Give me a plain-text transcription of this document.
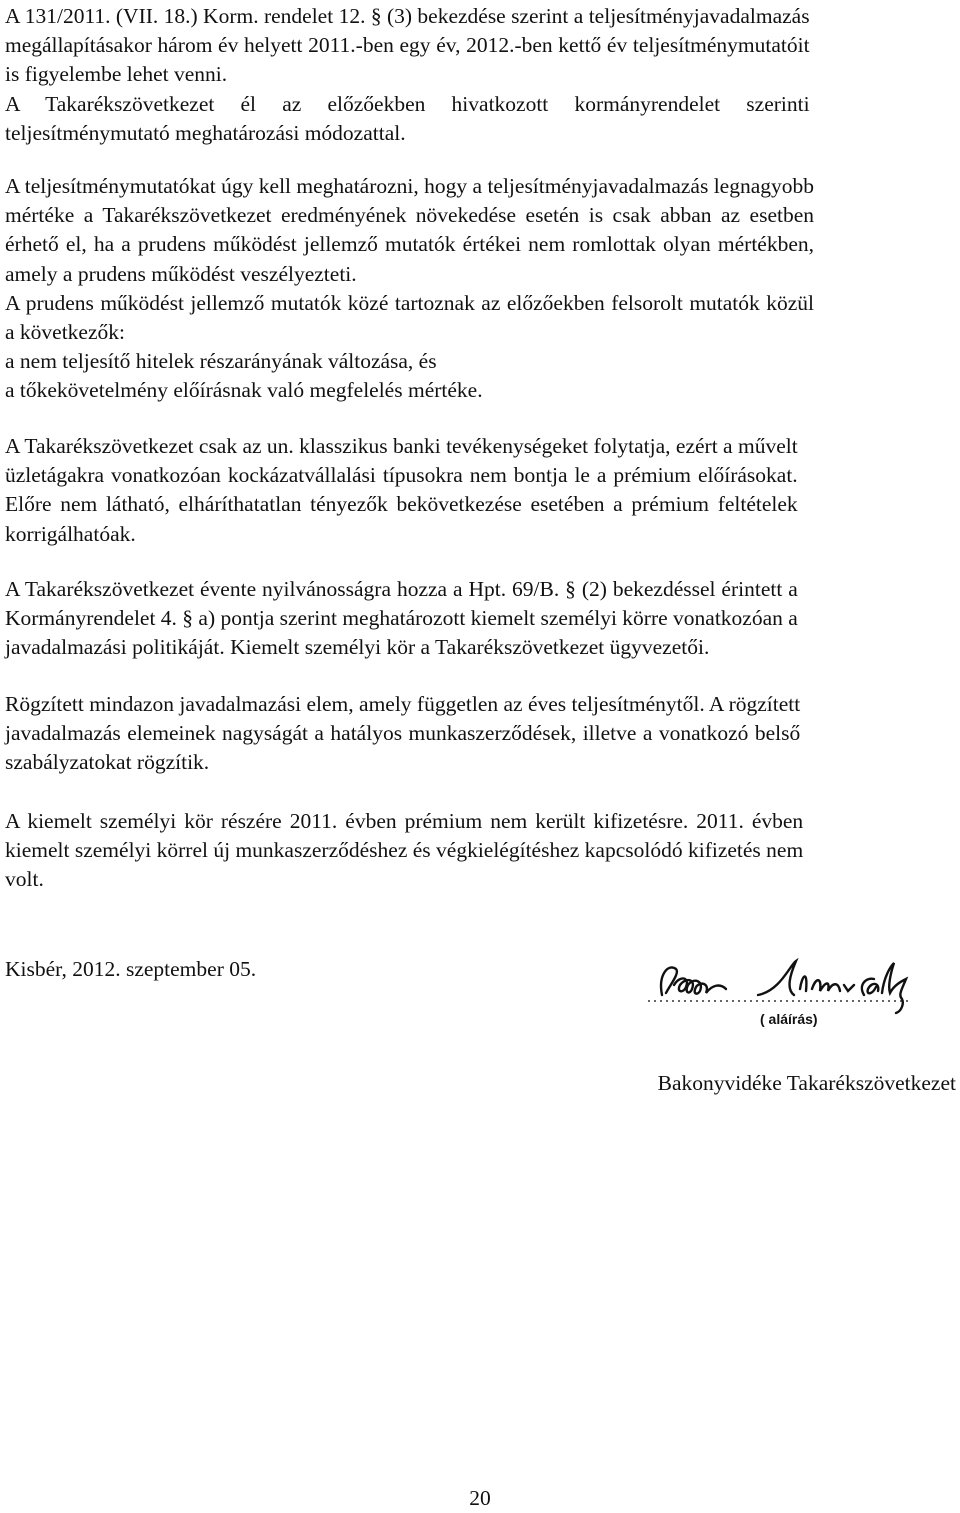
A 131/2011. (VII. 18.) Korm. rendelet 12. § (3) bekezdése szerint a teljesítményjavadalmazás
megállapításakor három év helyett 2011.-ben egy év, 2012.-ben kettő év teljesítménymutatóit
is figyelembe lehet venni.
A Takarékszövetkezet él az előzőekben hivatkozott kormányrendelet szerinti
teljesítménymutató meghatározási módozattal.

A teljesítménymutatókat úgy kell meghatározni, hogy a teljesítményjavadalmazás legnagyobb
mértéke a Takarékszövetkezet eredményének növekedése esetén is csak abban az esetben
érhető el, ha a prudens működést jellemző mutatók értékei nem romlottak olyan mértékben,
amely a prudens működést veszélyezteti.
A prudens működést jellemző mutatók közé tartoznak az előzőekben felsorolt mutatók közül
a következők:
a nem teljesítő hitelek részarányának változása, és
a tőkekövetelmény előírásnak való megfelelés mértéke.

A Takarékszövetkezet csak az un. klasszikus banki tevékenységeket folytatja, ezért a művelt
üzletágakra vonatkozóan kockázatvállalási típusokra nem bontja le a prémium előírásokat.
Előre nem látható, elháríthatatlan tényezők bekövetkezése esetében a prémium feltételek
korrigálhatóak.

A Takarékszövetkezet évente nyilvánosságra hozza a Hpt. 69/B. § (2) bekezdéssel érintett a
Kormányrendelet 4. § a) pontja szerint meghatározott kiemelt személyi körre vonatkozóan a
javadalmazási politikáját. Kiemelt személyi kör a Takarékszövetkezet ügyvezetői.

Rögzített mindazon javadalmazási elem, amely független az éves teljesítménytől. A rögzített
javadalmazás elemeinek nagyságát a hatályos munkaszerződések, illetve a vonatkozó belső
szabályzatokat rögzítik.

A kiemelt személyi kör részére 2011. évben prémium nem került kifizetésre. 2011. évben
kiemelt személyi körrel új munkaszerződéshez és végkielégítéshez kapcsolódó kifizetés nem
volt.

Kisbér, 2012. szeptember 05.
( aláírás)
Bakonyvidéke Takarékszövetkezet
20
